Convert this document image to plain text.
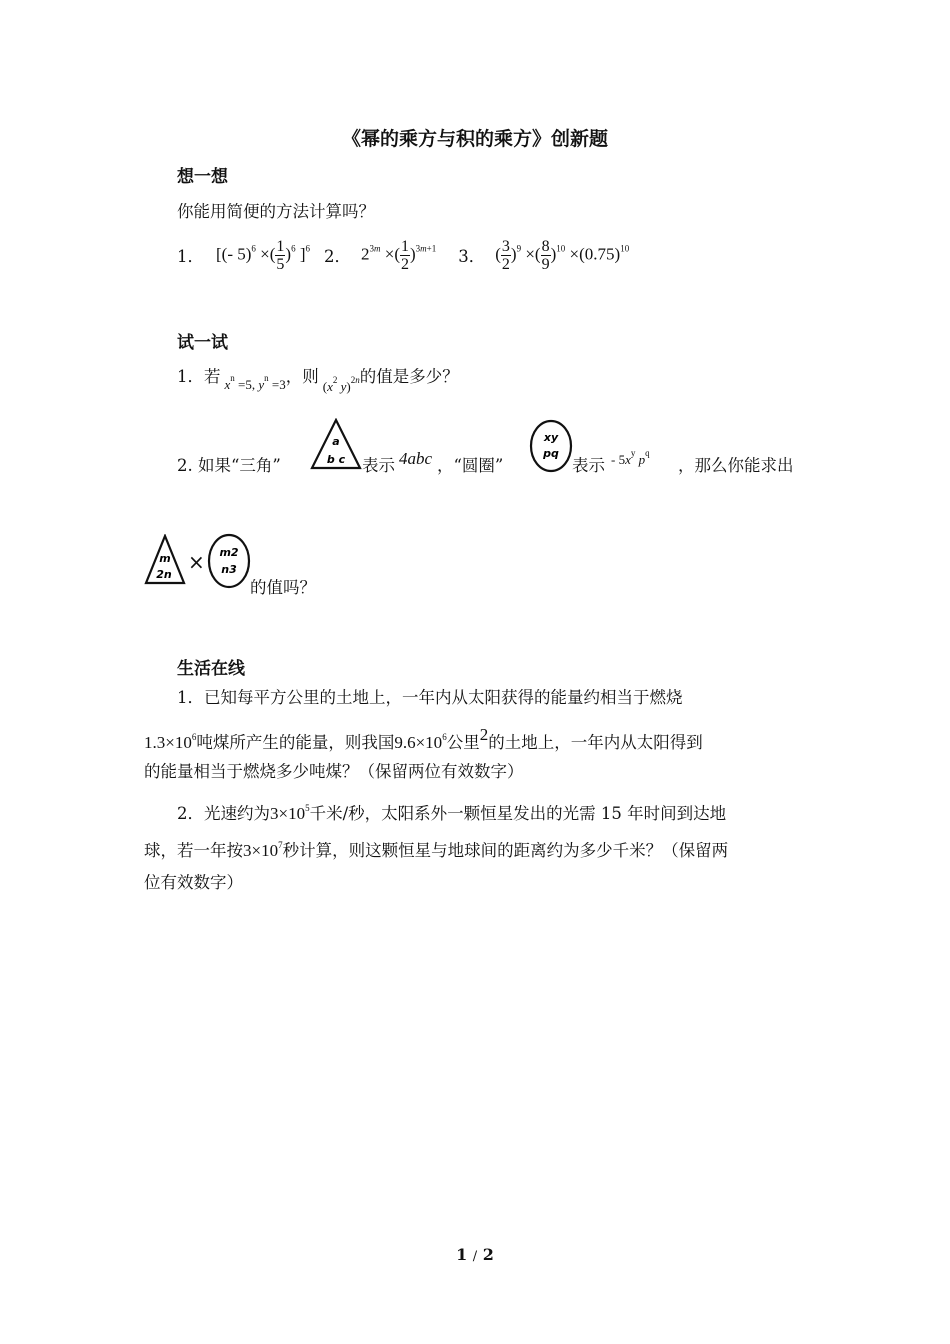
《幂的乘方与积的乘方》创新题
想一想
你能用简便的方法计算吗？
1． [(- 5)$^6$ ×( $\frac{1}{5} )^6$ ]$^6$ 2． $2^{3m}$ ×( $\frac{1}{2} )^{3m+1}$ 3． ( $\frac{3}{2} )^9$ ×( $\frac{8}{9} )^{10} \times(0.75)^{10}$
试一试
1．若 $x^n =5$, $y^n =3$ ，则
($x^2$ y)$^{2n}$ 的值是多少？
2. 如果“三角”
a
b c 表示 4abc ，“圆圈”
xy
pq
表示 - $5x^y$ $p^q$
，那么你能求出
m
2n
× m2
n3
的值吗？
生活在线
1．已知每平方公里的土地上，一年内从太阳获得的能量约相当于燃烧
$1.3\times 10^6$吨煤所产生的能量，则我国$9.6\times 10^6$公里$^2$的土地上，一年内从太阳得到
的能量相当于燃烧多少吨煤？（保留两位有效数字）
2．光速约为$3\times 10^5$千米/秒，太阳系外一颗恒星发出的光需 15 年时间到达地
球，若一年按$3\times 10^7$秒计算，则这颗恒星与地球间的距离约为多少千米？（保留两
位有效数字）
1 / 2
